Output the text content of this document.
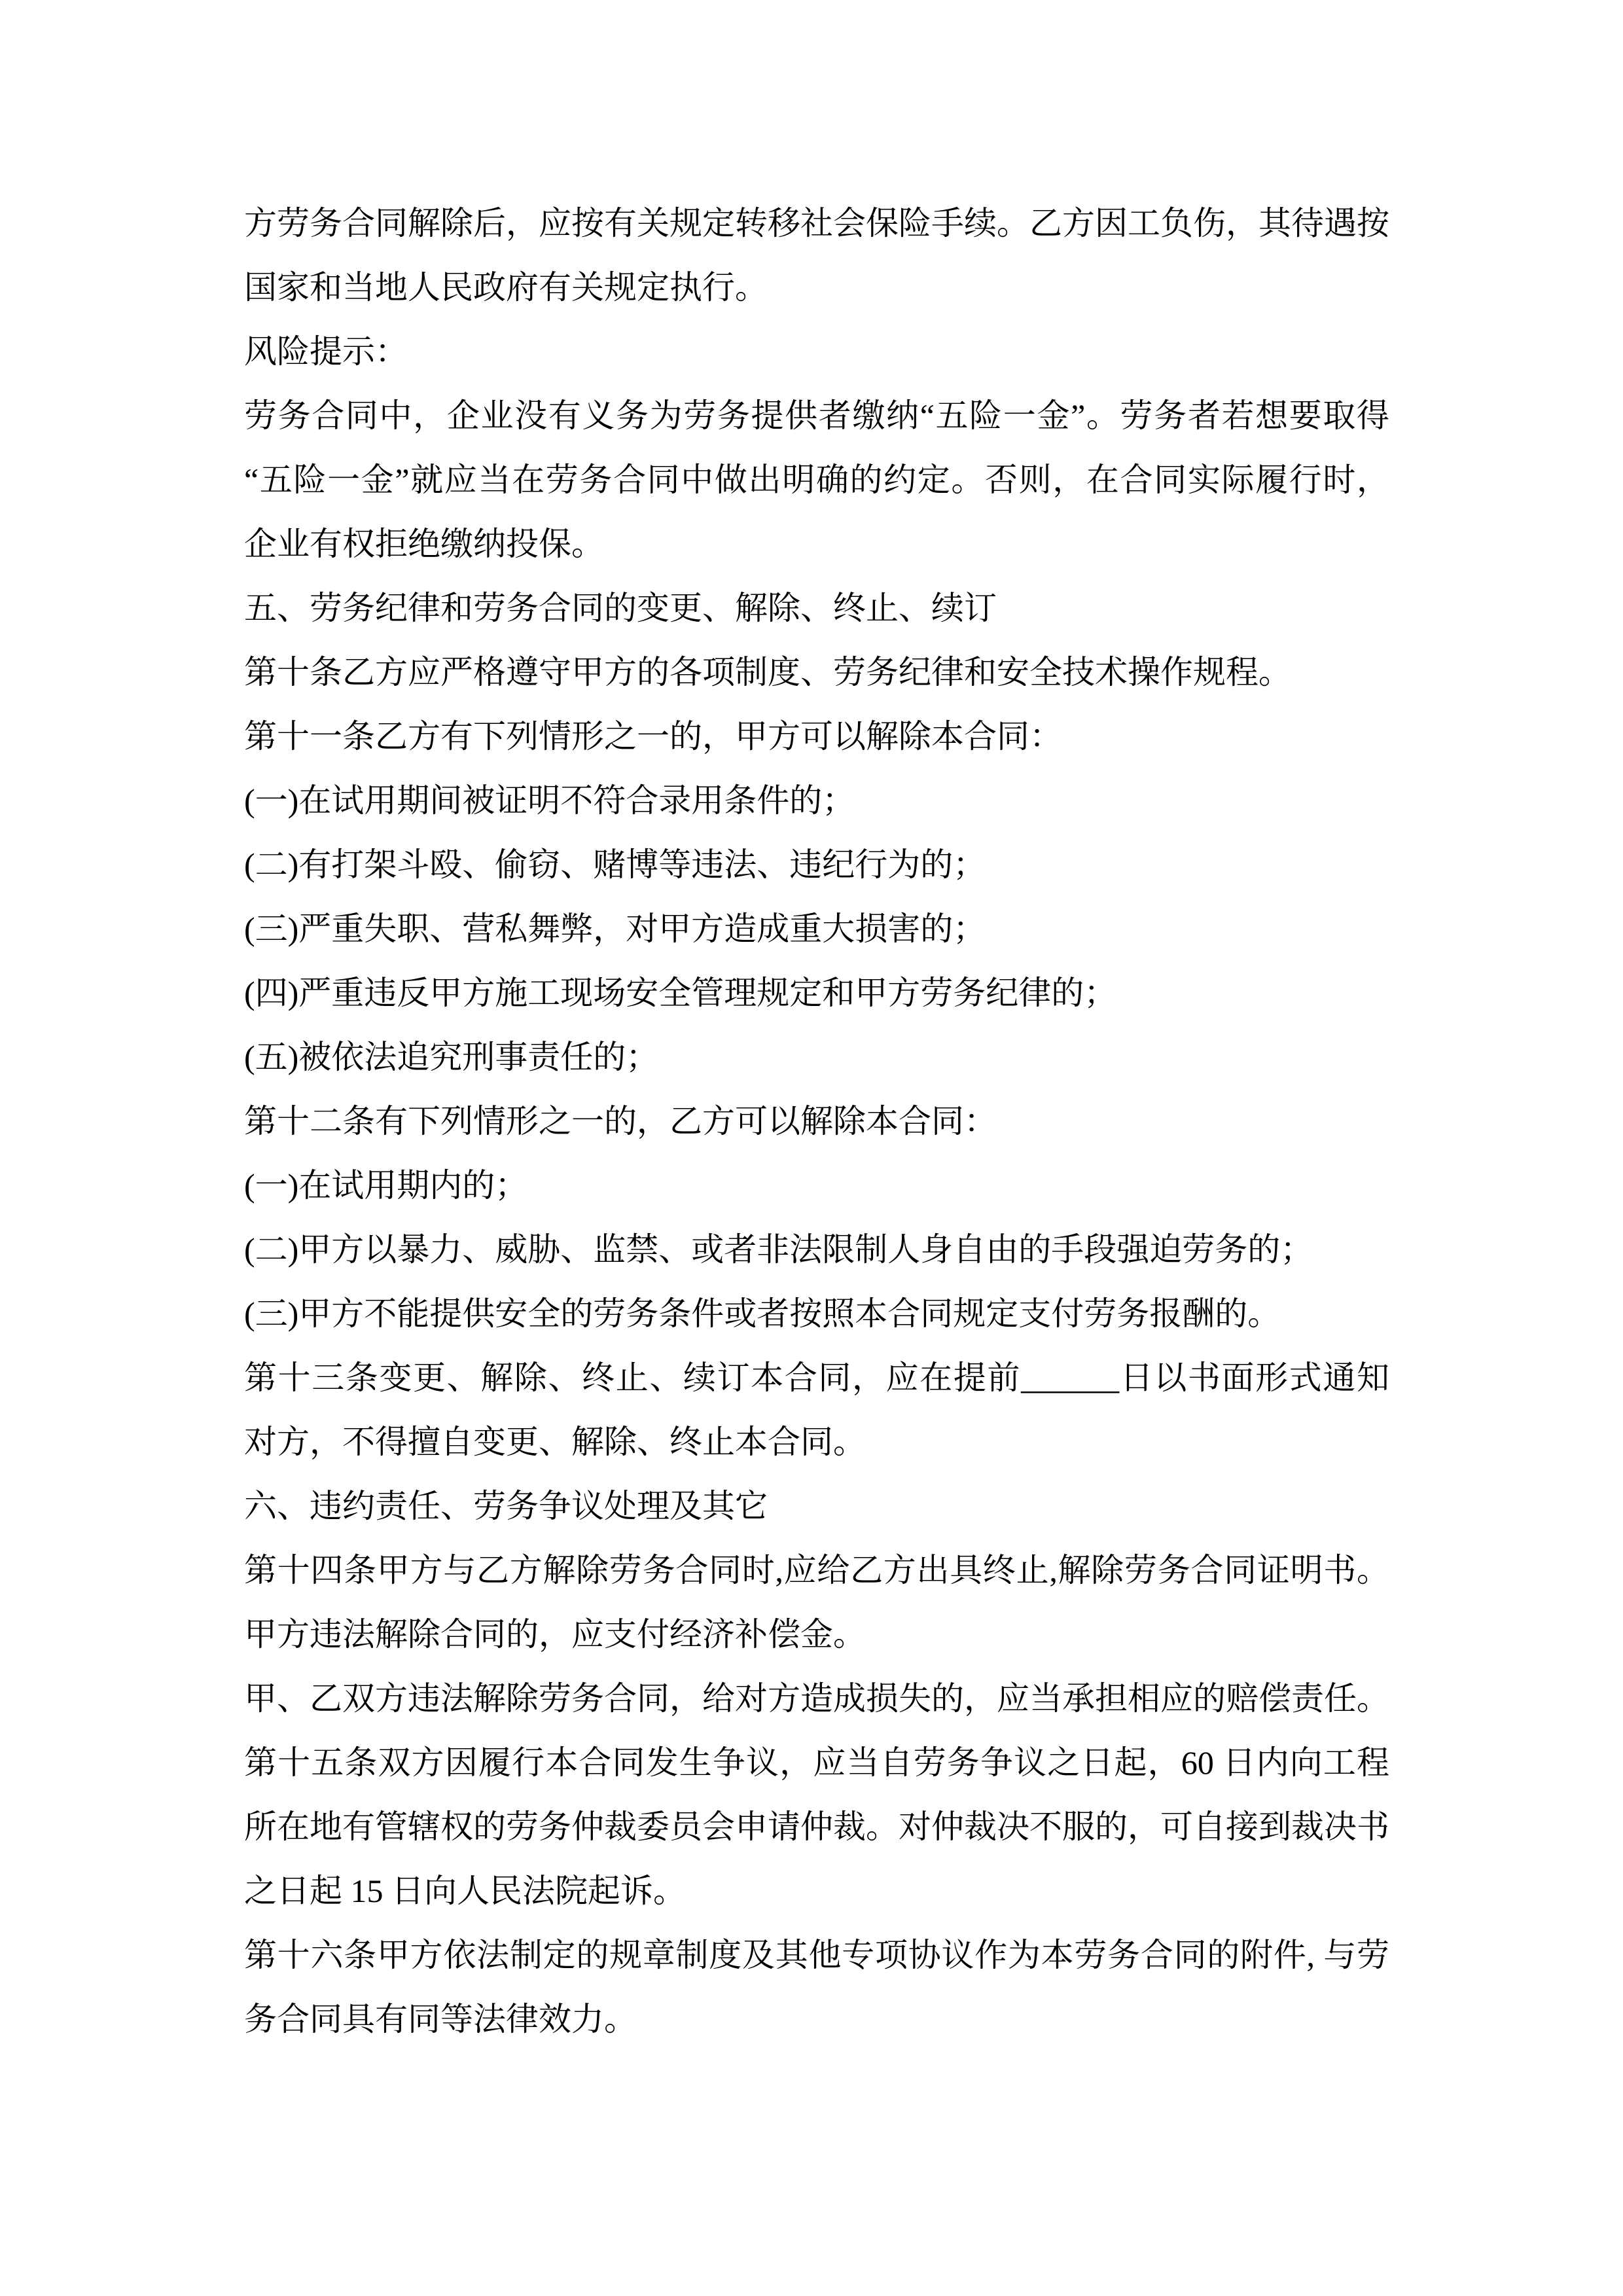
方劳务合同解除后，应按有关规定转移社会保险手续。乙方因工负伤，其待遇按
国家和当地人民政府有关规定执行。
风险提示：
劳务合同中，企业没有义务为劳务提供者缴纳“五险一金”。劳务者若想要取得
“五险一金”就应当在劳务合同中做出明确的约定。否则，在合同实际履行时，
企业有权拒绝缴纳投保。
五、劳务纪律和劳务合同的变更、解除、终止、续订
第十条乙方应严格遵守甲方的各项制度、劳务纪律和安全技术操作规程。
第十一条乙方有下列情形之一的，甲方可以解除本合同：
(一)在试用期间被证明不符合录用条件的；
(二)有打架斗殴、偷窃、赌博等违法、违纪行为的；
(三)严重失职、营私舞弊，对甲方造成重大损害的；
(四)严重违反甲方施工现场安全管理规定和甲方劳务纪律的；
(五)被依法追究刑事责任的；
第十二条有下列情形之一的，乙方可以解除本合同：
(一)在试用期内的；
(二)甲方以暴力、威胁、监禁、或者非法限制人身自由的手段强迫劳务的；
(三)甲方不能提供安全的劳务条件或者按照本合同规定支付劳务报酬的。
第十三条变更、解除、终止、续订本合同，应在提前______日以书面形式通知
对方，不得擅自变更、解除、终止本合同。
六、违约责任、劳务争议处理及其它
第十四条甲方与乙方解除劳务合同时,应给乙方出具终止,解除劳务合同证明书。
甲方违法解除合同的，应支付经济补偿金。
甲、乙双方违法解除劳务合同，给对方造成损失的，应当承担相应的赔偿责任。
第十五条双方因履行本合同发生争议，应当自劳务争议之日起，60 日内向工程
所在地有管辖权的劳务仲裁委员会申请仲裁。对仲裁决不服的，可自接到裁决书
之日起 15 日向人民法院起诉。
第十六条甲方依法制定的规章制度及其他专项协议作为本劳务合同的附件, 与劳
务合同具有同等法律效力。
